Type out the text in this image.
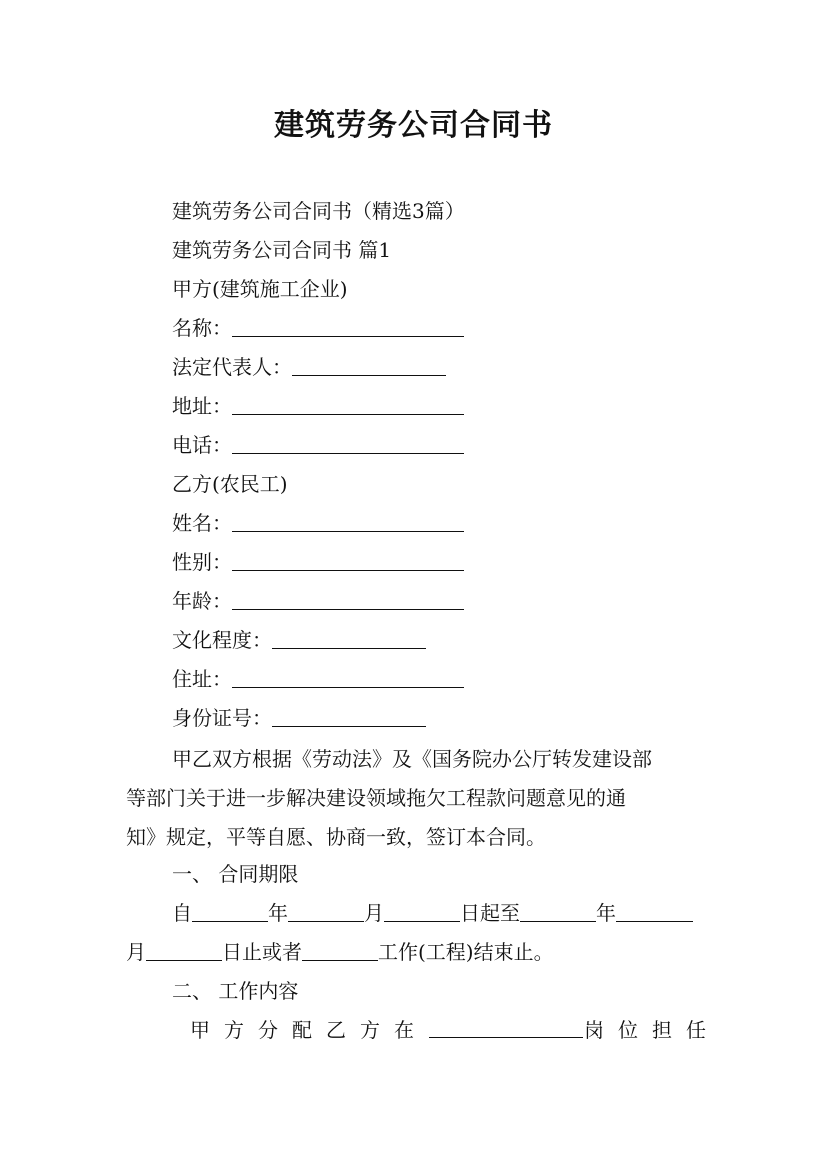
建筑劳务公司合同书
建筑劳务公司合同书（精选3篇）
建筑劳务公司合同书 篇1
甲方(建筑施工企业)
名称：
法定代表人：
地址：
电话：
乙方(农民工)
姓名：
性别：
年龄：
文化程度：
住址：
身份证号：

甲乙双方根据《劳动法》及《国务院办公厅转发建设部

等部门关于进一步解决建设领域拖欠工程款问题意见的通

知》规定，平等自愿、协商一致，签订本合同。

一、 合同期限
自	年	月	日起至	年
月	日止或者	工作(工程)结束止。
二、 工作内容
甲方分配乙方在	岗位担任
